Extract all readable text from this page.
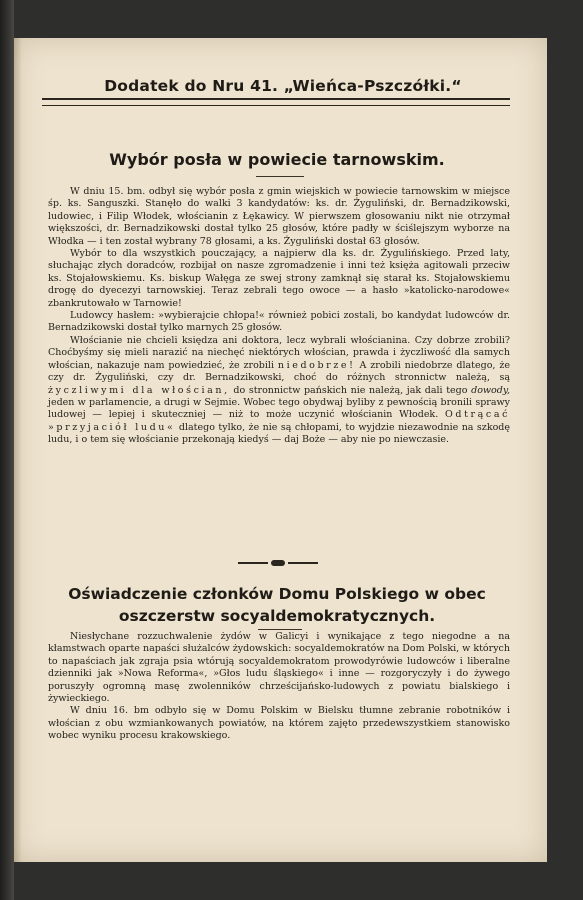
Dodatek do Nru 41. „Wieńca-Pszczółki.“
Wybór posła w powiecie tarnowskim.

W dniu 15. bm. odbył się wybór posła z gmin wiejskich w powiecie tarnowskim w miejsce śp. ks. Sanguszki. Stanęło do walki 3 kandydatów: ks. dr. Żyguliński, dr. Bernadzikowski, ludowiec, i Filip Włodek, włościanin z Łękawicy. W pierwszem głosowaniu nikt nie otrzymał większości, dr. Bernadzikowski dostał tylko 25 głosów, które padły w ściślejszym wyborze na Włodka — i ten został wybrany 78 głosami, a ks. Żyguliński dostał 63 głosów.

Wybór to dla wszystkich pouczający, a najpierw dla ks. dr. Żygulińskiego. Przed laty, słuchając złych doradców, rozbijał on nasze zgromadzenie i inni też księża agitowali przeciw ks. Stojałowskiemu. Ks. biskup Wałęga ze swej strony zamknął się starał ks. Stojałowskiemu drogę do dyecezyi tarnowskiej. Teraz zebrali tego owoce — a hasło »katolicko-narodowe« zbankrutowało w Tarnowie!

Ludowcy hasłem: »wybierajcie chłopa!« również pobici zostali, bo kandydat ludowców dr. Bernadzikowski dostał tylko marnych 25 głosów.

Włościanie nie chcieli księdza ani doktora, lecz wybrali włościanina. Czy dobrze zrobili? Choćbyśmy się mieli narazić na niechęć niektórych włościan, prawda i życzliwość dla samych włościan, nakazuje nam powiedzieć, że zrobili niedobrze! A zrobili niedobrze dlatego, że czy dr. Żyguliński, czy dr. Bernadzikowski, choć do różnych stronnictw należą, są życzliwymi dla włościan, do stronnictw pańskich nie należą, jak dali tego dowody, jeden w parlamencie, a drugi w Sejmie. Wobec tego obydwaj byliby z pewnością bronili sprawy ludowej — lepiej i skuteczniej — niż to może uczynić włościanin Włodek. Odtrącać »przyjaciół ludu« dlatego tylko, że nie są chłopami, to wyjdzie niezawodnie na szkodę ludu, i o tem się włościanie przekonają kiedyś — daj Boże — aby nie po niewczasie.

Oświadczenie członków Domu Polskiego w obec
oszczerstw socyaldemokratycznych.

Niesłychane rozzuchwalenie żydów w Galicyi i wynikające z tego niegodne a na kłamstwach oparte napaści służalców żydowskich: socyaldemokratów na Dom Polski, w których to napaściach jak zgraja psia wtórują socyaldemokratom prowodyrówie ludowców i liberalne dzienniki jak »Nowa Reforma«, »Głos ludu śląskiego« i inne — rozgoryczyły i do żywego poruszyły ogromną masę zwolenników chrześcijańsko-ludowych z powiatu bialskiego i żywieckiego.

W dniu 16. bm odbyło się w Domu Polskim w Bielsku tłumne zebranie robotników i włościan z obu wzmiankowanych powiatów, na którem zajęto przedewszystkiem stanowisko wobec wyniku procesu krakowskiego.
